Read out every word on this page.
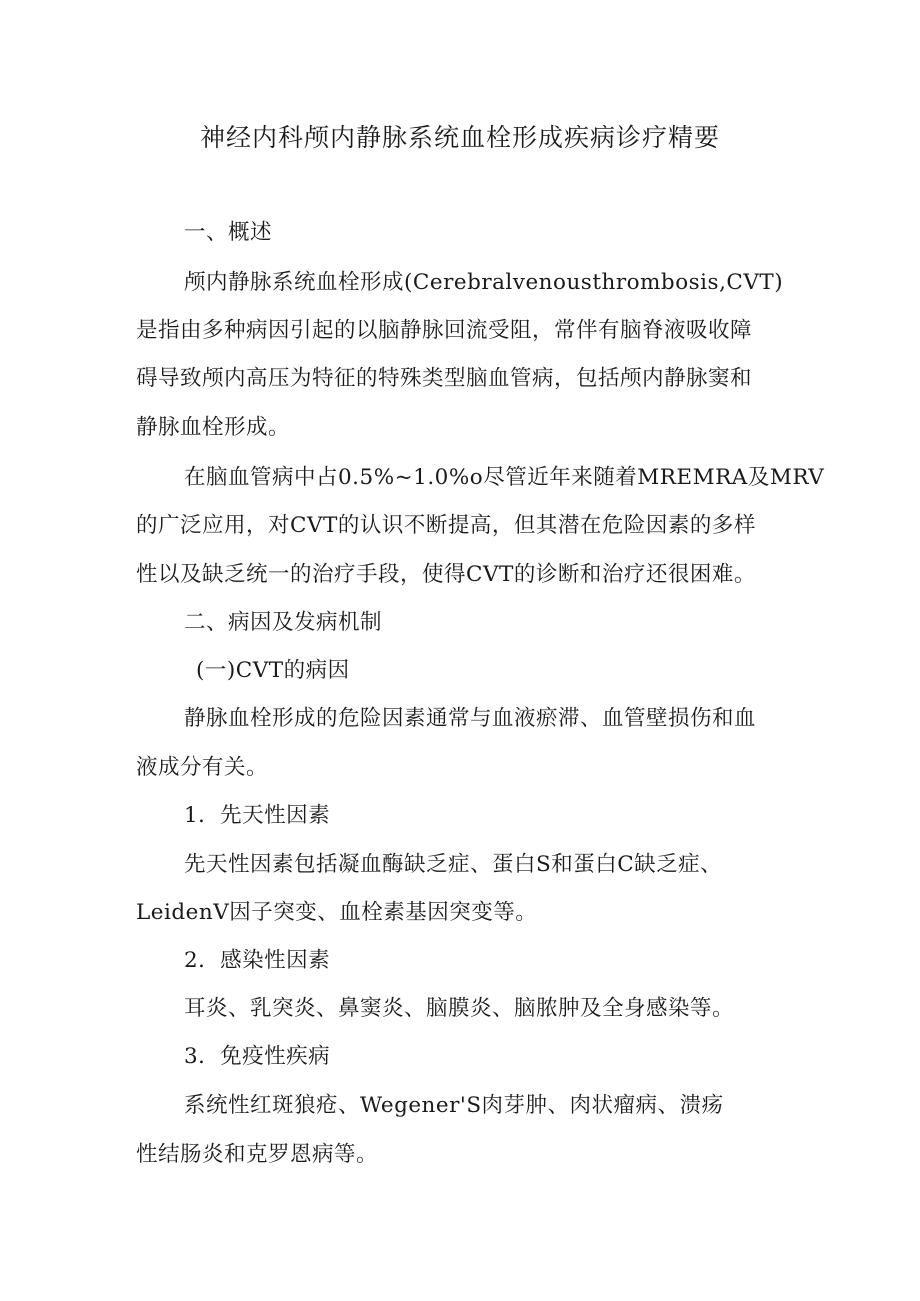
神经内科颅内静脉系统血栓形成疾病诊疗精要
一、概述
颅内静脉系统血栓形成(Cerebralvenousthrombosis,CVT)
是指由多种病因引起的以脑静脉回流受阻，常伴有脑脊液吸收障
碍导致颅内高压为特征的特殊类型脑血管病，包括颅内静脉窦和
静脉血栓形成。
在脑血管病中占0.5%~1.0%o尽管近年来随着MREMRA及MRV
的广泛应用，对CVT的认识不断提高，但其潜在危险因素的多样
性以及缺乏统一的治疗手段，使得CVT的诊断和治疗还很困难。
二、病因及发病机制
(一)CVT的病因
静脉血栓形成的危险因素通常与血液瘀滞、血管壁损伤和血
液成分有关。
1．先天性因素
先天性因素包括凝血酶缺乏症、蛋白S和蛋白C缺乏症、
LeidenV因子突变、血栓素基因突变等。
2．感染性因素
耳炎、乳突炎、鼻窦炎、脑膜炎、脑脓肿及全身感染等。
3．免疫性疾病
系统性红斑狼疮、Wegener'S肉芽肿、肉状瘤病、溃疡
性结肠炎和克罗恩病等。
